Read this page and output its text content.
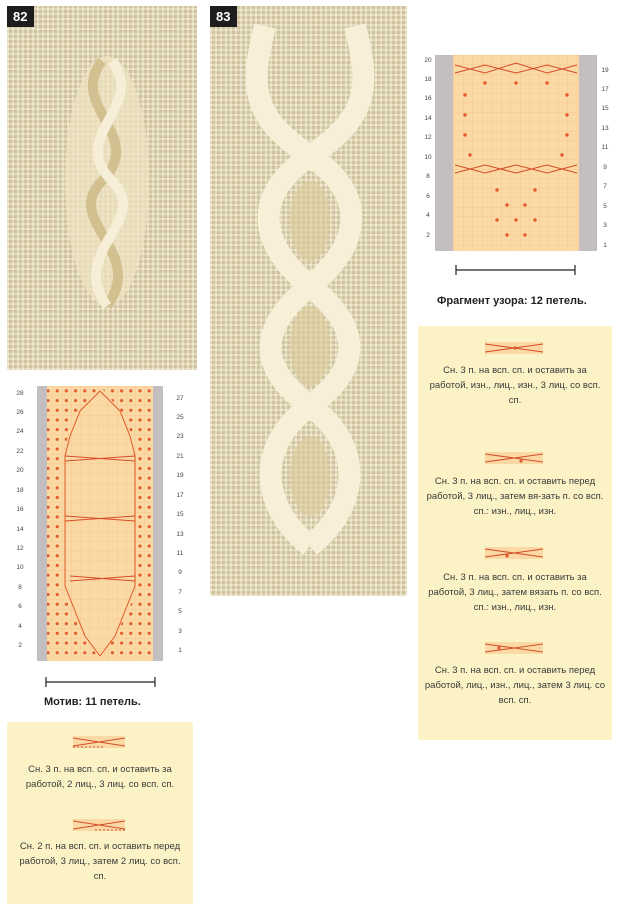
82	83
28
26
24
22
20
18
16
14
12
10
8
6
4
2
27
25
23
21
19
17
15
13
11
9
7
5
3
1
Мотив: 11 петель.
Сн. 3 п. на всп. сп. и оставить за работой, 2 лиц., 3 лиц. со всп. сп.
Сн. 2 п. на всп. сп. и оставить перед работой, 3 лиц., затем 2 лиц. со всп. сп.
20
18
16
14
12
10
8
6
4
2
19
17
15
13
11
9
7
5
3
1
Фрагмент узора: 12 петель.
Сн. 3 п. на всп. сп. и оставить за работой, изн., лиц., изн., 3 лиц. со всп. сп.
Сн. 3 п. на всп. сп. и оставить перед работой, 3 лиц., затем вя-зать п. со всп. сп.: изн., лиц., изн.
Сн. 3 п. на всп. сп. и оставить за работой, 3 лиц., затем вязать п. со всп. сп.: изн., лиц., изн.
Сн. 3 п. на всп. сп. и оставить перед работой, лиц., изн., лиц., затем 3 лиц. со всп. сп.
